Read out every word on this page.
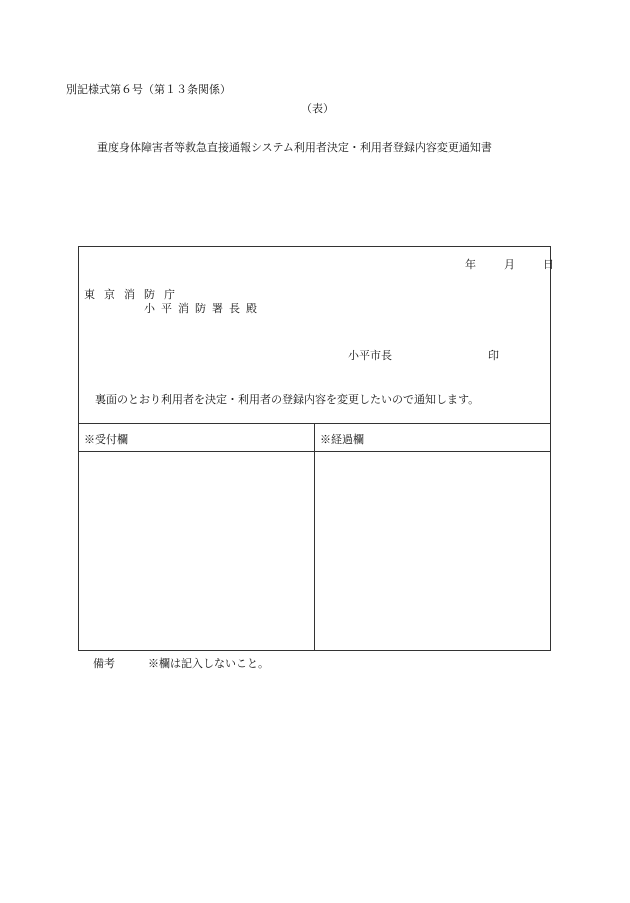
別記様式第６号（第１３条関係）
（表）
重度身体障害者等救急直接通報システム利用者決定・利用者登録内容変更通知書
年	月	日
東京消防庁
小平消防署長殿
小平市長	印
裏面のとおり利用者を決定・利用者の登録内容を変更したいので通知します。
※受付欄	※経過欄
備考	※欄は記入しないこと。
